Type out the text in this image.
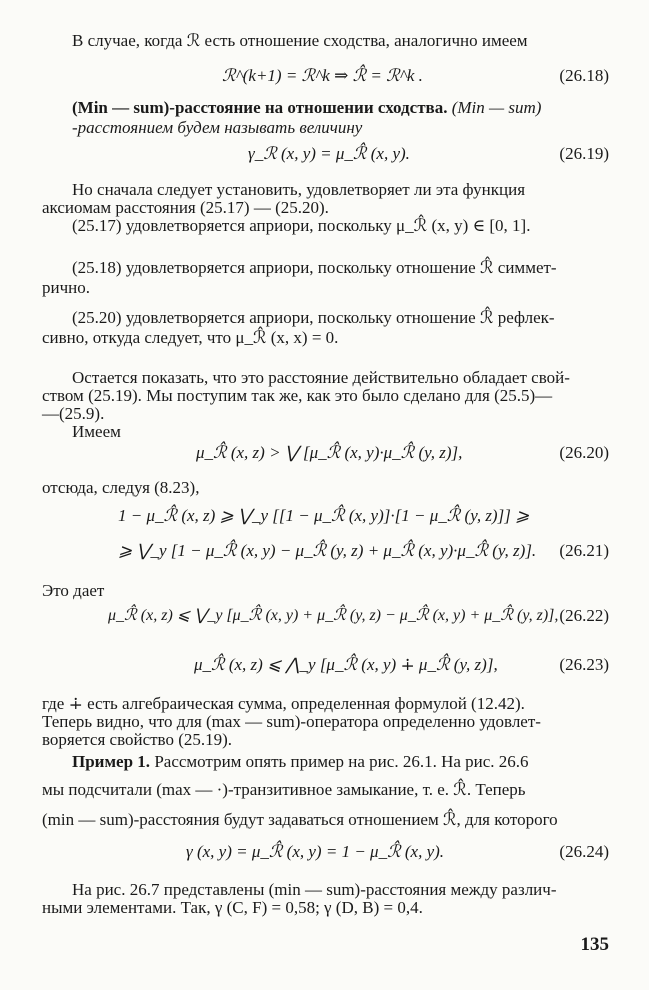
В случае, когда ℛ есть отношение сходства, аналогично имеем
ℛ^(k+1) = ℛ^k ⇒ ℛ̂ = ℛ^k .	(26.18)
(Min — sum)-расстояние на отношении сходства. (Min — sum)
-расстоянием будем называть величину
γ_ℛ (x, y) = μ_ℛ̂ (x, y).	(26.19)
Но сначала следует установить, удовлетворяет ли эта функция
аксиомам расстояния (25.17) — (25.20).
(25.17) удовлетворяется априори, поскольку μ_ℛ̂ (x, y) ∈ [0, 1].
(25.18) удовлетворяется априори, поскольку отношение ℛ̂ симмет-
рично.
(25.20) удовлетворяется априори, поскольку отношение ℛ̂ рефлек-
сивно, откуда следует, что μ_ℛ̂ (x, x) = 0.
Остается показать, что это расстояние действительно обладает свой-
ством (25.19). Мы поступим так же, как это было сделано для (25.5)—
—(25.9).
Имеем
μ_ℛ̂ (x, z) > ⋁ [μ_ℛ̂ (x, y)·μ_ℛ̂ (y, z)],	(26.20)
отсюда, следуя (8.23),
1 − μ_ℛ̂ (x, z) ⩾ ⋁_y [[1 − μ_ℛ̂ (x, y)]·[1 − μ_ℛ̂ (y, z)]] ⩾
⩾ ⋁_y [1 − μ_ℛ̂ (x, y) − μ_ℛ̂ (y, z) + μ_ℛ̂ (x, y)·μ_ℛ̂ (y, z)]. (26.21)
Это дает
μ_ℛ̂ (x, z) ⩽ ⋁_y [μ_ℛ̂ (x, y) + μ_ℛ̂ (y, z) − μ_ℛ̂ (x, y) + μ_ℛ̂ (y, z)], (26.22)
μ_ℛ̂ (x, z) ⩽ ⋀_y [μ_ℛ̂ (x, y) ∔ μ_ℛ̂ (y, z)],	(26.23)
где ∔ есть алгебраическая сумма, определенная формулой (12.42).
Теперь видно, что для (max — sum)-оператора определенно удовлет-
воряется свойство (25.19).
Пример 1. Рассмотрим опять пример на рис. 26.1. На рис. 26.6
мы подсчитали (max — ·)-транзитивное замыкание, т. е. ℛ̂. Теперь
(min — sum)-расстояния будут задаваться отношением ℛ̂, для которого
γ (x, y) = μ_ℛ̂ (x, y) = 1 − μ_ℛ̂ (x, y).	(26.24)
На рис. 26.7 представлены (min — sum)-расстояния между различ-
ными элементами. Так, γ (C, F) = 0,58; γ (D, B) = 0,4.
135
